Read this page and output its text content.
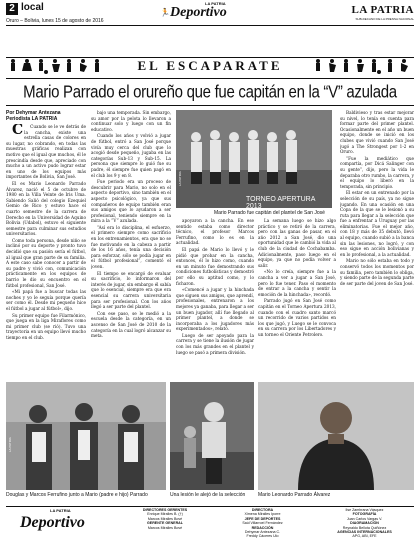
2 local	LA PATRIA
Deportivo
🏃	LA PATRIA
SUB-DECANO DE LA PRENSA NACIONAL
Oruro – Bolivia, lunes 15 de agosto de 2016
EL ESCAPARATE
Mario Parrado el orureño que fue capitán en la “V” azulada
Por Dehymar Antezana
Periodista LA PATRIA

C Cuando se le ve detrás de la cancha, existe una estrella casas de colores en su lugar, no cobrando, en todas las muestras gráficas realizan con motivo que el igual que muchos, él le prescindía desde que, apreciado con mucho a un activo pudo lograr estar en uno de los equipos más importantes de Bolivia, San José.

El es Mario Leonardo Parrado Álvarez, nació el 5 de octubre de 1980 en la Villa Veinte de Iris Uma. Sabiendo Salió del colegio Ezequiel Gemio de Rico y estuvo hace el cuarto semestre de la carrera de Derecho en la Universidad de Aquino Bolivia (Udabol), estuvo el siguiente semestre para culminar sus estudios universitarios.

Como toda persona, desde niño se inclinó por su deporte y pronto tuvo decidió que su pasión sería el fútbol, al igual que gran parte de su familia. A este caso sabe conocer a partir de su padre y vivió con, comunicación prácticamente en los equipos de barrio le dio su encuentro en el fútbol profesional, San José.

«Mi papá fue a buscar todas las noches y yo le seguía porque quería ser como él. Desde mi pequeño hice el fútbol a jugar al fútbol», dijo.

Su primer equipo fue Filarmónico, que juega en la liga Miraflores como mi primer club (se rió). Tuvo una trayectoria en un equipo llevó mucho tiempo en el club.

bajo una temporada. Sin embargo, su amor por la pelota lo llevaron a continuar solo y luego con un fin educativo.

Cuando los años y volvió a jugar de fútbol, entró a San José porque vivía muy cerca del club que lo acogió desde pequeño, jugaba en las categorías Sub-13 y Sub-15. La persona que siempre lo guió fue su padre, él siempre fue quien pagó en el club los 9 y en 8.

Fue periodo era un proceso de descubrir para Mario, no solo en el aspecto deportivo, sino también en el aspecto psicológico, ya que sus compañeros de equipo también eran sus amigos que lo ayudaron a ser profesional, teniendo siempre en la mira a la “V” azulada.

“Así era lo disciplina, el esfuerzo, el primero siempre como sacrificio en los entrenamientos, era que no se fue motivando en la cabeza a partir de los 16 años, tenía una decisión para esforzar, sólo se podía jugar en el fútbol profesional”, comentó el joven.

El tiempo se encargó de evaluar su sacrificio, lo informaron del interés de jugar, sin embargo él sabía que lo esencial, siempre era que era esencial su carrera universitaria para ser profesional. Con los años llegó a ser parte del plantel.

Con ese paso, se le medió a la escuela desde la categoría, en un ascenso de San José de 2010 de la categoría en la cual logró alcanzar su meta.

TORNEO APERTURA 2013
LA PATRIA
Mario Parrado fue capitán del plantel de San José

apoyaron a la cancha. En ese sentido estaba como director técnico, el profesor Marcos Ferrufino, como lo es en la actualidad.

El papá de Mario lo llevó y le pidió que probar en la cancha, entonces, él lo hizo como, cuando en un minuto fue demostrando sus condiciones futbolísticas y demostró por ello su aptitud como, y lo ficharon.

«Comencé a jugar y la hinchada que siguen sus amigos, que aprendí, profesionales, entrenaron a los mejores ya ganaba, para llegar a ser un buen jugador, allí fue llegado al primer plantel, a donde se incorporaba a los jugadores más experimentados», relató.

Luego de ser apoyado para la carrera y se tiene la ilusión de jugar con los más grandes en el plantel y luego se pasó a primera división.

La semana luego se hizo algo práctico y se retiró de la carrera, pero con las ganas de pasar, en el año 2012 a San José, dio una oportunidad que le cambió la vida al club de la ciudad de Cochabamba. Adicionalmente, paso luego en el equipo, ya que no podía volver a salir.

«No lo creía, siempre fue a la cancha a ver a jugar a San José, pero lo fue tener. Paso el momento de entrar a la cancha y sentir la emoción de la hinchada», recordó.

Parrado jugó en San José como capitán en el Torneo Apertura 2013, cuando con el cuadro santo marcó un recorrido de varios partidos en los que jugó, y Luego se le convoca en su carrera por los Libertadores y un torneo el Oriente Petrolero.

Baldivieso y tras estar mejorar su nivel, lo tenía en cuenta para formar parte del primer plantel. Ocasionalmente en el año un buen equipo, donde se inició en los clubes que vivió cuando San José jugó a The Strongest por 1-2 en Oruro.

“Fue la mediático que compartía, por Dicá Salinger con su gente”, dijo, pero la vida le deparaba otro rumbo, la carrera, y el equipo lo liberó en la temporada, sin principio.

El estar en un entrenado por la selección de su país, ya no sigue jugando. En una ocasión en una Copa de la que se le lesionó a su ruta para llegar a la selección que fue a enfrentar a Uruguay por las eliminatorias. Fue el mejor año, con 18 y más de 35 debutó, llevó al equipo, cuando subió a la banca sin las lesiones, no logró, y con eso sigue en acción bolivianas y en lo profesional, a la actualidad.

Mario no sólo estaba en todo y conservó todos los momentos por su familia, pero también lo obliga, y siendo parte de la segunda parte de ser parte del joven de San José.

LA PATRIA
Douglas y Marcos Ferrufino junto a Mario (padre e hijo) Parrado	Una lesión le alejó de la selección	Mario Leonardo Parrado Álvarez
LA PATRIA
Deportivo
DIRECTORES GERENTES
Enrique Miralles B. (†)
Marcos Miralles Bové
GERENTE GENERAL
Marcos Miralles Bové
DIRECTORA
Ximena Miralles Iporre
JEFE DE DEPORTES
Saúl Villarroel Fernández
REDACCIÓN
Dehymar Antezana C.
Freddy Cáceres Ulo
Ilse Zambrana Vásquez
FOTOGRAFÍA
Juan Carlos Vargas V.
DIAGRAMACIÓN
Reynaldo Bellota Quiñónez
AGENCIAS INTERNACIONALES
APG, ABI, EFE
